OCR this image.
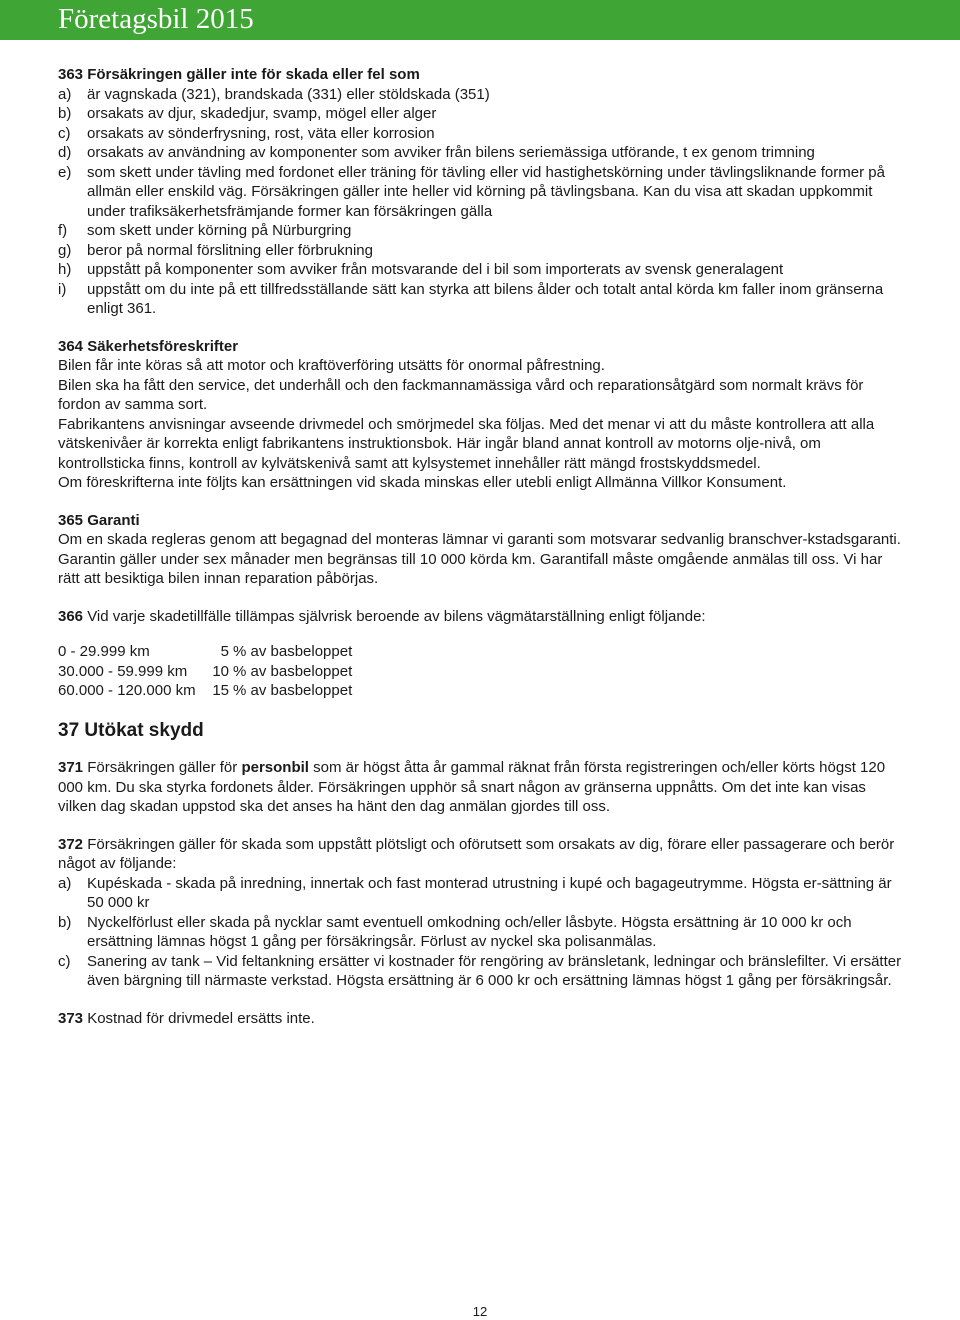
Företagsbil 2015

363 Försäkringen gäller inte för skada eller fel som

a)	är vagnskada (321), brandskada (331) eller stöldskada (351)
b)	orsakats av djur, skadedjur, svamp, mögel eller alger
c)	orsakats av sönderfrysning, rost, väta eller korrosion
d)	orsakats av användning av komponenter som avviker från bilens seriemässiga utförande, t ex genom trimning
e)	som skett under tävling med fordonet eller träning för tävling eller vid hastighetskörning under tävlingsliknande former på allmän eller enskild väg. Försäkringen gäller inte heller vid körning på tävlingsbana. Kan du visa att skadan uppkommit under trafiksäkerhetsfrämjande former kan försäkringen gälla
f)	som skett under körning på Nürburgring
g)	beror på normal förslitning eller förbrukning
h)	uppstått på komponenter som avviker från motsvarande del i bil som importerats av svensk generalagent
i)	uppstått om du inte på ett tillfredsställande sätt kan styrka att bilens ålder och totalt antal körda km faller inom gränserna enligt 361.

364 Säkerhetsföreskrifter

Bilen får inte köras så att motor och kraftöverföring utsätts för onormal påfrestning.

Bilen ska ha fått den service, det underhåll och den fackmannamässiga vård och reparationsåtgärd som normalt krävs för fordon av samma sort.

Fabrikantens anvisningar avseende drivmedel och smörjmedel ska följas. Med det menar vi att du måste kontrollera att alla vätskenivåer är korrekta enligt fabrikantens instruktionsbok. Här ingår bland annat kontroll av motorns olje-nivå, om kontrollsticka finns, kontroll av kylvätskenivå samt att kylsystemet innehåller rätt mängd frostskyddsmedel.

Om föreskrifterna inte följts kan ersättningen vid skada minskas eller utebli enligt Allmänna Villkor Konsument.

365 Garanti

Om en skada regleras genom att begagnad del monteras lämnar vi garanti som motsvarar sedvanlig branschver-kstadsgaranti. Garantin gäller under sex månader men begränsas till 10 000 körda km. Garantifall måste omgående anmälas till oss. Vi har rätt att besiktiga bilen innan reparation påbörjas.

366 Vid varje skadetillfälle tillämpas självrisk beroende av bilens vägmätarställning enligt följande:

0 - 29.999 km	5 % av basbeloppet
30.000 - 59.999 km	10 % av basbeloppet
60.000 - 120.000 km	15 % av basbeloppet
37 Utökat skydd

371 Försäkringen gäller för personbil som är högst åtta år gammal räknat från första registreringen och/eller körts högst 120 000 km. Du ska styrka fordonets ålder. Försäkringen upphör så snart någon av gränserna uppnåtts. Om det inte kan visas vilken dag skadan uppstod ska det anses ha hänt den dag anmälan gjordes till oss.

372 Försäkringen gäller för skada som uppstått plötsligt och oförutsett som orsakats av dig, förare eller passagerare och berör något av följande:

a)	Kupéskada - skada på inredning, innertak och fast monterad utrustning i kupé och bagageutrymme. Högsta er-sättning är 50 000 kr
b)	Nyckelförlust eller skada på nycklar samt eventuell omkodning och/eller låsbyte. Högsta ersättning är 10 000 kr och ersättning lämnas högst 1 gång per försäkringsår. Förlust av nyckel ska polisanmälas.
c)	Sanering av tank – Vid feltankning ersätter vi kostnader för rengöring av bränsletank, ledningar och bränslefilter. Vi ersätter även bärgning till närmaste verkstad. Högsta ersättning är 6 000 kr och ersättning lämnas högst 1 gång per försäkringsår.

373 Kostnad för drivmedel ersätts inte.

12
